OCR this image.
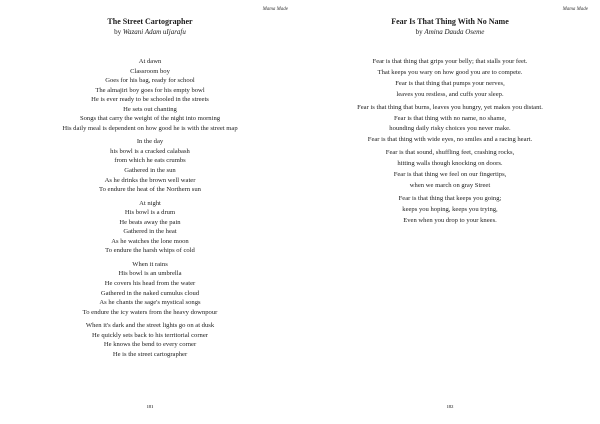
Mama Made
The Street Cartographer
by Wazani Adam uIjarafu
At dawn
Classroom boy
Goes for his bag, ready for school
The almajiri boy goes for his empty bowl
He is ever ready to be schooled in the streets
He sets out chanting
Songs that carry the weight of the night into morning
His daily meal is dependent on how good he is with the street map
In the day
his bowl is a cracked calabash
from which he eats crumbs
Gathered in the sun
As he drinks the brown well water
To endure the heat of the Northern sun
At night
His bowl is a drum
He beats away the pain
Gathered in the heat
As he watches the lone moon
To endure the harsh whips of cold
When it rains
His bowl is an umbrella
He covers his head from the water
Gathered in the naked cumulus cloud
As he chants the sage's mystical songs
To endure the icy waters from the heavy downpour
When it's dark and the street lights go on at dusk
He quickly sets back to his territorial corner
He knows the bend to every corner
He is the street cartographer
181
Mama Made
Fear Is That Thing With No Name
by Amina Dauda Oseme
Fear is that thing that grips your belly; that stalls your feet.
That keeps you wary on how good you are to compete.
Fear is that thing that pumps your nerves,
leaves you restless, and cuffs your sleep.
Fear is that thing that burns, leaves you hungry, yet makes you distant.
Fear is that thing with no name, no shame,
hounding daily risky choices you never make.
Fear is that thing with wide eyes, no smiles and a racing heart.
Fear is that sound, shuffling feet, crashing rocks,
hitting walls though knocking on doors.
Fear is that thing we feel on our fingertips,
when we march on gray Street
Fear is that thing that keeps you going;
keeps you hoping, keeps you trying,
Even when you drop to your knees.
182
